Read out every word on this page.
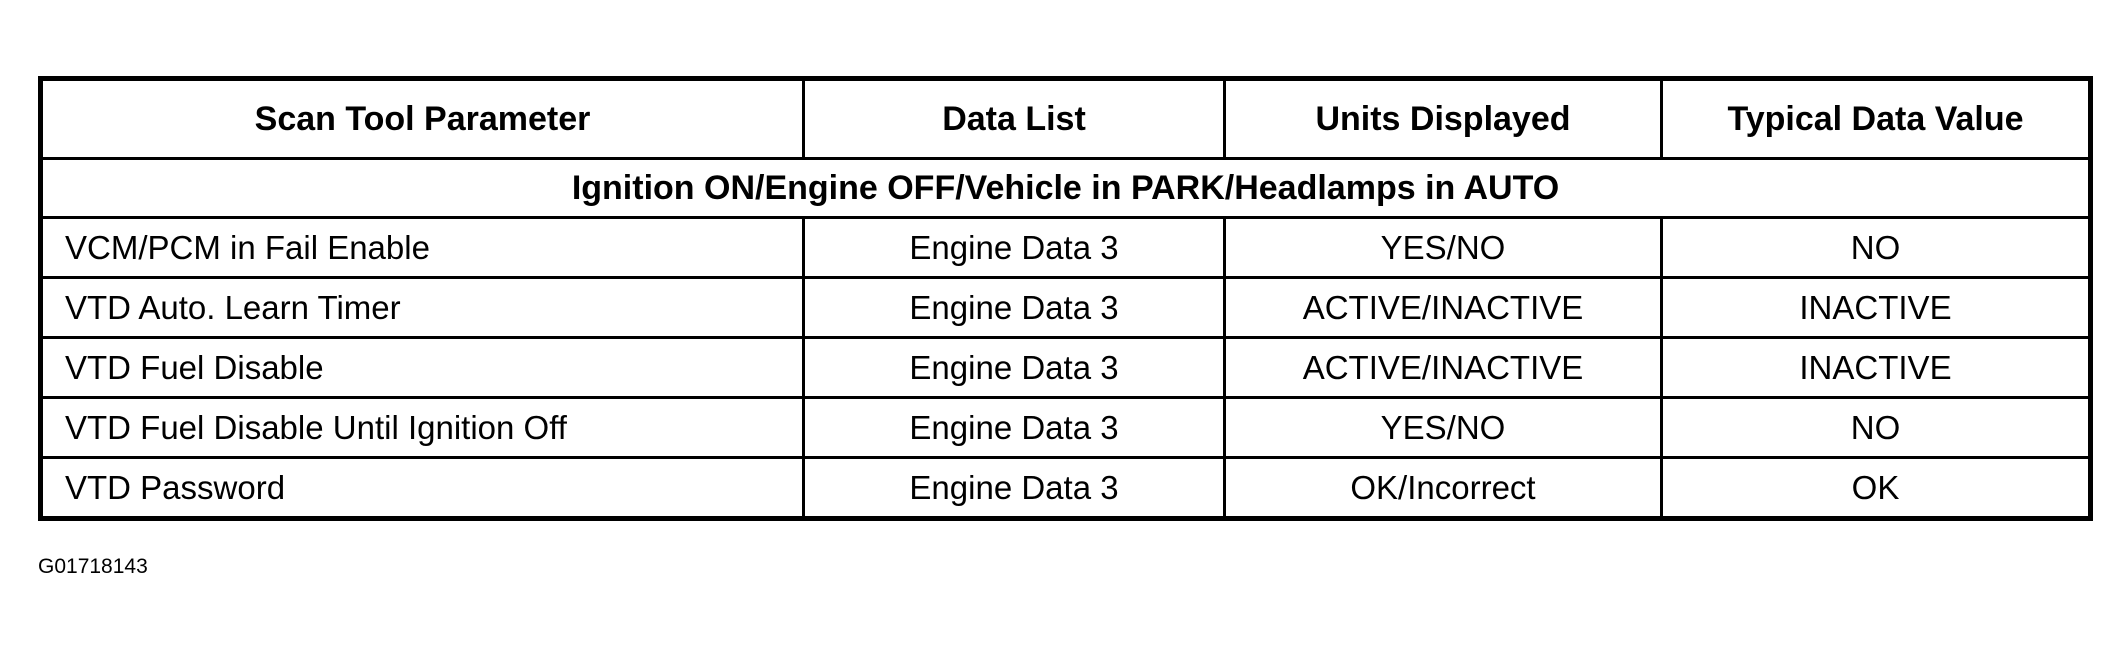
Scan Tool Parameter	Data List	Units Displayed	Typical Data Value
Ignition ON/Engine OFF/Vehicle in PARK/Headlamps in AUTO			
VCM/PCM in Fail Enable	Engine Data 3	YES/NO	NO
VTD Auto. Learn Timer	Engine Data 3	ACTIVE/INACTIVE	INACTIVE
VTD Fuel Disable	Engine Data 3	ACTIVE/INACTIVE	INACTIVE
VTD Fuel Disable Until Ignition Off	Engine Data 3	YES/NO	NO
VTD Password	Engine Data 3	OK/Incorrect	OK
G01718143
